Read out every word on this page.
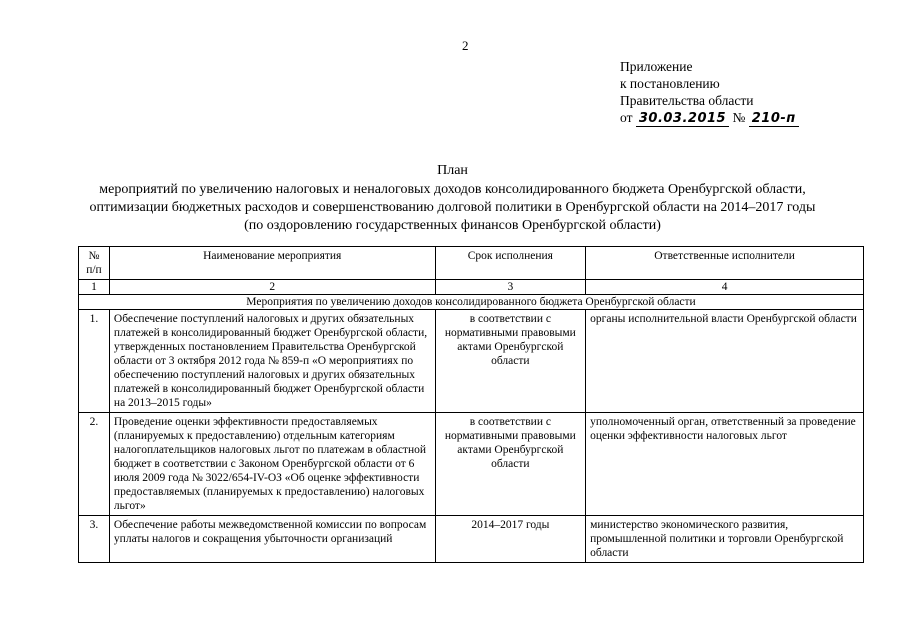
2
Приложение
к постановлению
Правительства области
от 30.03.2015 № 210-п
План
мероприятий по увеличению налоговых и неналоговых доходов консолидированного бюджета Оренбургской области,
оптимизации бюджетных расходов и совершенствованию долговой политики в Оренбургской области на 2014–2017 годы
(по оздоровлению государственных финансов Оренбургской области)
№ п/п	Наименование мероприятия	Срок исполнения	Ответственные исполнители
1	2	3	4
Мероприятия по увеличению доходов консолидированного бюджета Оренбургской области			
1.	Обеспечение поступлений налоговых и других обязательных платежей в консолидированный бюджет Оренбургской области, утвержденных постановлением Правительства Оренбургской области от 3 октября 2012 года № 859-п «О мероприятиях по обеспечению поступлений налоговых и других обязательных платежей в консолидированный бюджет Оренбургской области на 2013–2015 годы»	в соответствии с нормативными правовыми актами Оренбургской области	органы исполнительной власти Оренбургской области
2.	Проведение оценки эффективности предоставляемых (планируемых к предоставлению) отдельным категориям налогоплательщиков налоговых льгот по платежам в областной бюджет в соответствии с Законом Оренбургской области от 6 июля 2009 года № 3022/654-IV-ОЗ «Об оценке эффективности предоставляемых (планируемых к предоставлению) налоговых льгот»	в соответствии с нормативными правовыми актами Оренбургской области	уполномоченный орган, ответственный за проведение оценки эффективности налоговых льгот
3.	Обеспечение работы межведомственной комиссии по вопросам уплаты налогов и сокращения убыточности организаций	2014–2017 годы	министерство экономического развития, промышленной политики и торговли Оренбургской области
